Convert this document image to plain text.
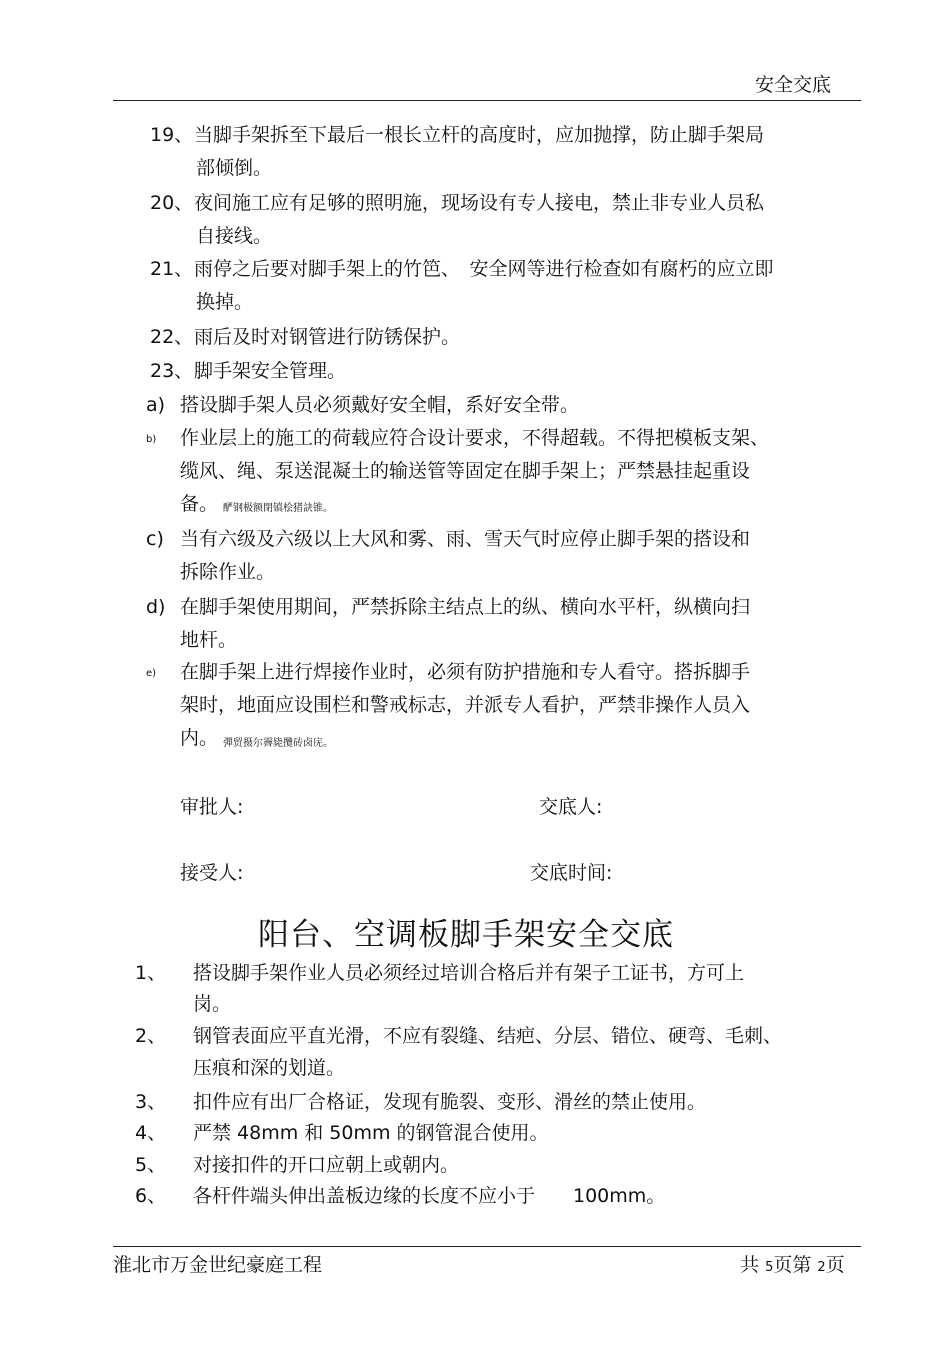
安全交底
19、 当脚手架拆至下最后一根长立杆的高度时，应加抛撑，防止脚手架局
部倾倒。
20、 夜间施工应有足够的照明施，现场设有专人接电，禁止非专业人员私
自接线。
21、 雨停之后要对脚手架上的竹笆、　安全网等进行检查如有腐朽的应立即
换掉。
22、 雨后及时对钢管进行防锈保护。
23、 脚手架安全管理。
a) 搭设脚手架人员必须戴好安全帽，系好安全带。
b) 作业层上的施工的荷载应符合设计要求，不得超载。不得把模板支架、
缆风、绳、泵送混凝土的输送管等固定在脚手架上；严禁悬挂起重设
备。 酽钢极额閉镇桧猪訣锥。
c) 当有六级及六级以上大风和雾、雨、雪天气时应停止脚手架的搭设和
拆除作业。
d) 在脚手架使用期间，严禁拆除主结点上的纵、横向水平杆，纵横向扫
地杆。
e) 在脚手架上进行焊接作业时，必须有防护措施和专人看守。搭拆脚手
架时，地面应设围栏和警戒标志，并派专人看护，严禁非操作人员入
内。 彈贸摄尔霽毙攬砖卤庑。
审批人:	交底人:
接受人:	交底时间:
阳台、空调板脚手架安全交底
1、 搭设脚手架作业人员必须经过培训合格后并有架子工证书，方可上
岗。
2、 钢管表面应平直光滑，不应有裂缝、结疤、分层、错位、硬弯、毛刺、
压痕和深的划道。
3、 扣件应有出厂合格证，发现有脆裂、变形、滑丝的禁止使用。
4、 严禁 48mm 和 50mm 的钢管混合使用。
5、 对接扣件的开口应朝上或朝内。
6、 各杆件端头伸出盖板边缘的长度不应小于　　100mm。
淮北市万金世纪豪庭工程	共 5页第 2页
